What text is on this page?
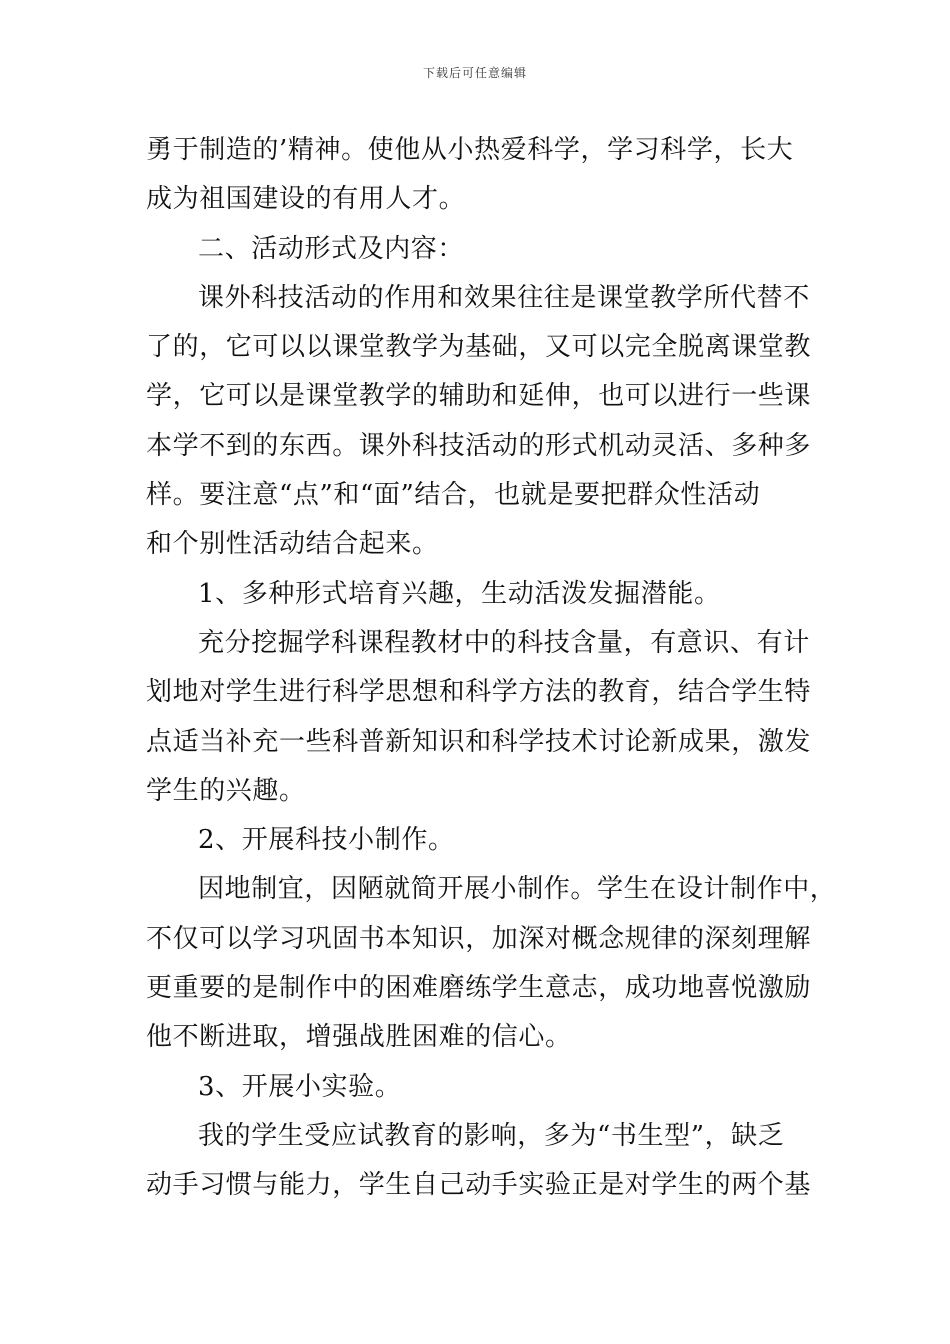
下载后可任意编辑
勇于制造的’精神。使他从小热爱科学，学习科学，长大
成为祖国建设的有用人才。
二、活动形式及内容：
课外科技活动的作用和效果往往是课堂教学所代替不
了的，它可以以课堂教学为基础，又可以完全脱离课堂教
学，它可以是课堂教学的辅助和延伸，也可以进行一些课
本学不到的东西。课外科技活动的形式机动灵活、多种多
样。要注意“点”和“面”结合，也就是要把群众性活动
和个别性活动结合起来。
1、多种形式培育兴趣，生动活泼发掘潜能。
充分挖掘学科课程教材中的科技含量，有意识、有计
划地对学生进行科学思想和科学方法的教育，结合学生特
点适当补充一些科普新知识和科学技术讨论新成果，激发
学生的兴趣。
2、开展科技小制作。
因地制宜，因陋就简开展小制作。学生在设计制作中，
不仅可以学习巩固书本知识，加深对概念规律的深刻理解
更重要的是制作中的困难磨练学生意志，成功地喜悦激励
他不断进取，增强战胜困难的信心。
3、开展小实验。
我的学生受应试教育的影响，多为“书生型”，缺乏
动手习惯与能力，学生自己动手实验正是对学生的两个基
